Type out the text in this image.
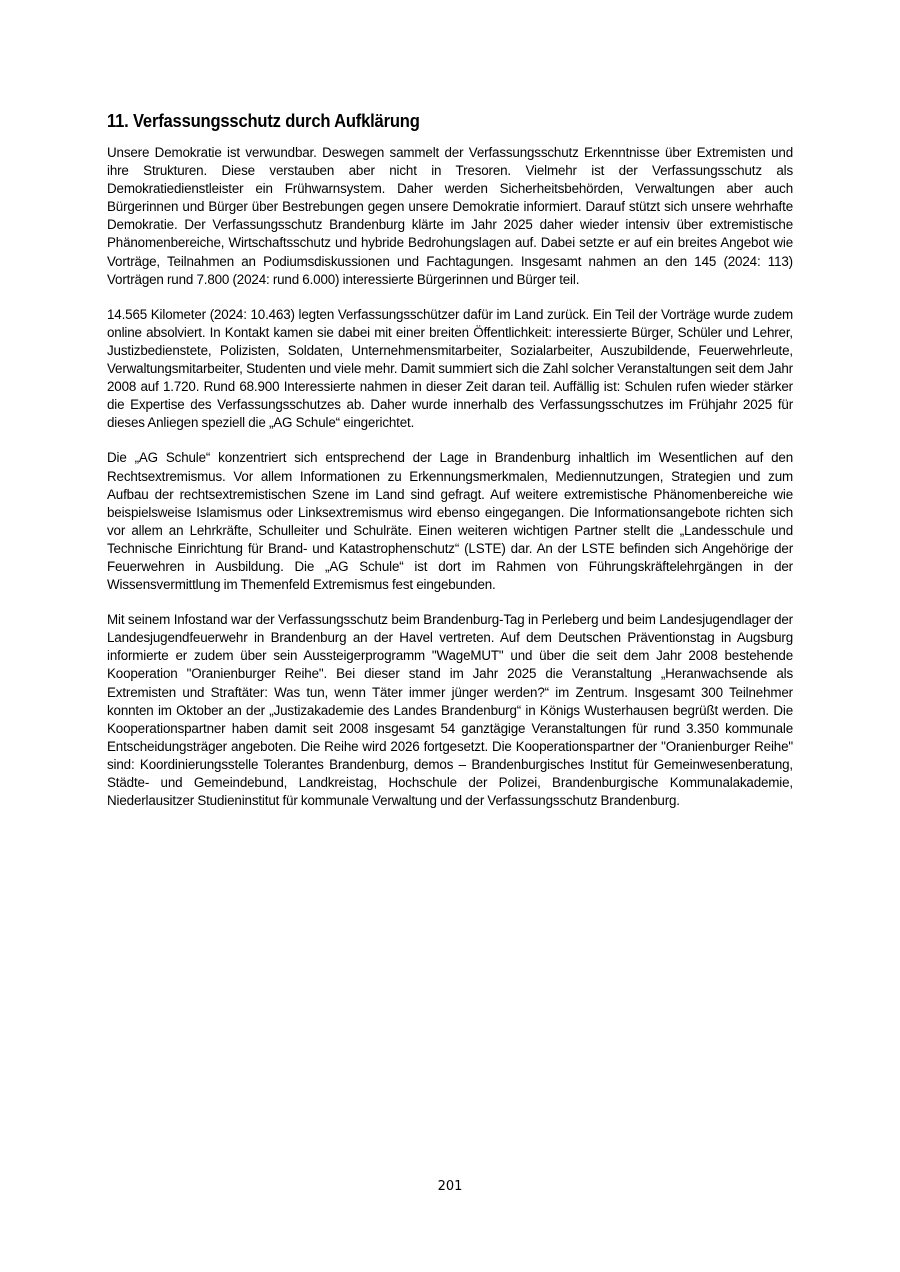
11. Verfassungsschutz durch Aufklärung

Unsere Demokratie ist verwundbar. Deswegen sammelt der Verfassungsschutz Erkenntnisse über Extremisten und ihre Strukturen. Diese verstauben aber nicht in Tresoren. Vielmehr ist der Verfassungsschutz als Demokratiedienstleister ein Frühwarnsystem. Daher werden Sicherheitsbehörden, Verwaltungen aber auch Bürgerinnen und Bürger über Bestrebungen gegen unsere Demokratie informiert. Darauf stützt sich unsere wehrhafte Demokratie. Der Verfassungsschutz Brandenburg klärte im Jahr 2025 daher wieder intensiv über extremistische Phänomenbereiche, Wirtschaftsschutz und hybride Bedrohungslagen auf. Dabei setzte er auf ein breites Angebot wie Vorträge, Teilnahmen an Podiumsdiskussionen und Fachtagungen. Insgesamt nahmen an den 145 (2024: 113) Vorträgen rund 7.800 (2024: rund 6.000) interessierte Bürgerinnen und Bürger teil.

14.565 Kilometer (2024: 10.463) legten Verfassungsschützer dafür im Land zurück. Ein Teil der Vorträge wurde zudem online absolviert. In Kontakt kamen sie dabei mit einer breiten Öffentlichkeit: interessierte Bürger, Schüler und Lehrer, Justizbedienstete, Polizisten, Soldaten, Unternehmensmitarbeiter, Sozialarbeiter, Auszubildende, Feuerwehrleute, Verwaltungsmitarbeiter, Studenten und viele mehr. Damit summiert sich die Zahl solcher Veranstaltungen seit dem Jahr 2008 auf 1.720. Rund 68.900 Interessierte nahmen in dieser Zeit daran teil. Auffällig ist: Schulen rufen wieder stärker die Expertise des Verfassungsschutzes ab. Daher wurde innerhalb des Verfassungsschutzes im Frühjahr 2025 für dieses Anliegen speziell die „AG Schule“ eingerichtet.

Die „AG Schule“ konzentriert sich entsprechend der Lage in Brandenburg inhaltlich im Wesentlichen auf den Rechtsextremismus. Vor allem Informationen zu Erkennungsmerkmalen, Mediennutzungen, Strategien und zum Aufbau der rechtsextremistischen Szene im Land sind gefragt. Auf weitere extremistische Phänomenbereiche wie beispielsweise Islamismus oder Linksextremismus wird ebenso eingegangen. Die Informationsangebote richten sich vor allem an Lehrkräfte, Schulleiter und Schulräte. Einen weiteren wichtigen Partner stellt die „Landesschule und Technische Einrichtung für Brand- und Katastrophenschutz“ (LSTE) dar. An der LSTE befinden sich Angehörige der Feuerwehren in Ausbildung. Die „AG Schule“ ist dort im Rahmen von Führungskräftelehrgängen in der Wissensvermittlung im Themenfeld Extremismus fest eingebunden.

Mit seinem Infostand war der Verfassungsschutz beim Brandenburg-Tag in Perleberg und beim Landesjugendlager der Landesjugendfeuerwehr in Brandenburg an der Havel vertreten. Auf dem Deutschen Präventionstag in Augsburg informierte er zudem über sein Aussteigerprogramm "WageMUT" und über die seit dem Jahr 2008 bestehende Kooperation "Oranienburger Reihe". Bei dieser stand im Jahr 2025 die Veranstaltung „Heranwachsende als Extremisten und Straftäter: Was tun, wenn Täter immer jünger werden?“ im Zentrum. Insgesamt 300 Teilnehmer konnten im Oktober an der „Justizakademie des Landes Brandenburg“ in Königs Wusterhausen begrüßt werden. Die Kooperationspartner haben damit seit 2008 insgesamt 54 ganztägige Veranstaltungen für rund 3.350 kommunale Entscheidungsträger angeboten. Die Reihe wird 2026 fortgesetzt. Die Kooperationspartner der "Oranienburger Reihe" sind: Koordinierungsstelle Tolerantes Brandenburg, demos – Brandenburgisches Institut für Gemeinwesenberatung, Städte- und Gemeindebund, Landkreistag, Hochschule der Polizei, Brandenburgische Kommunalakademie, Niederlausitzer Studieninstitut für kommunale Verwaltung und der Verfassungsschutz Brandenburg.

201
